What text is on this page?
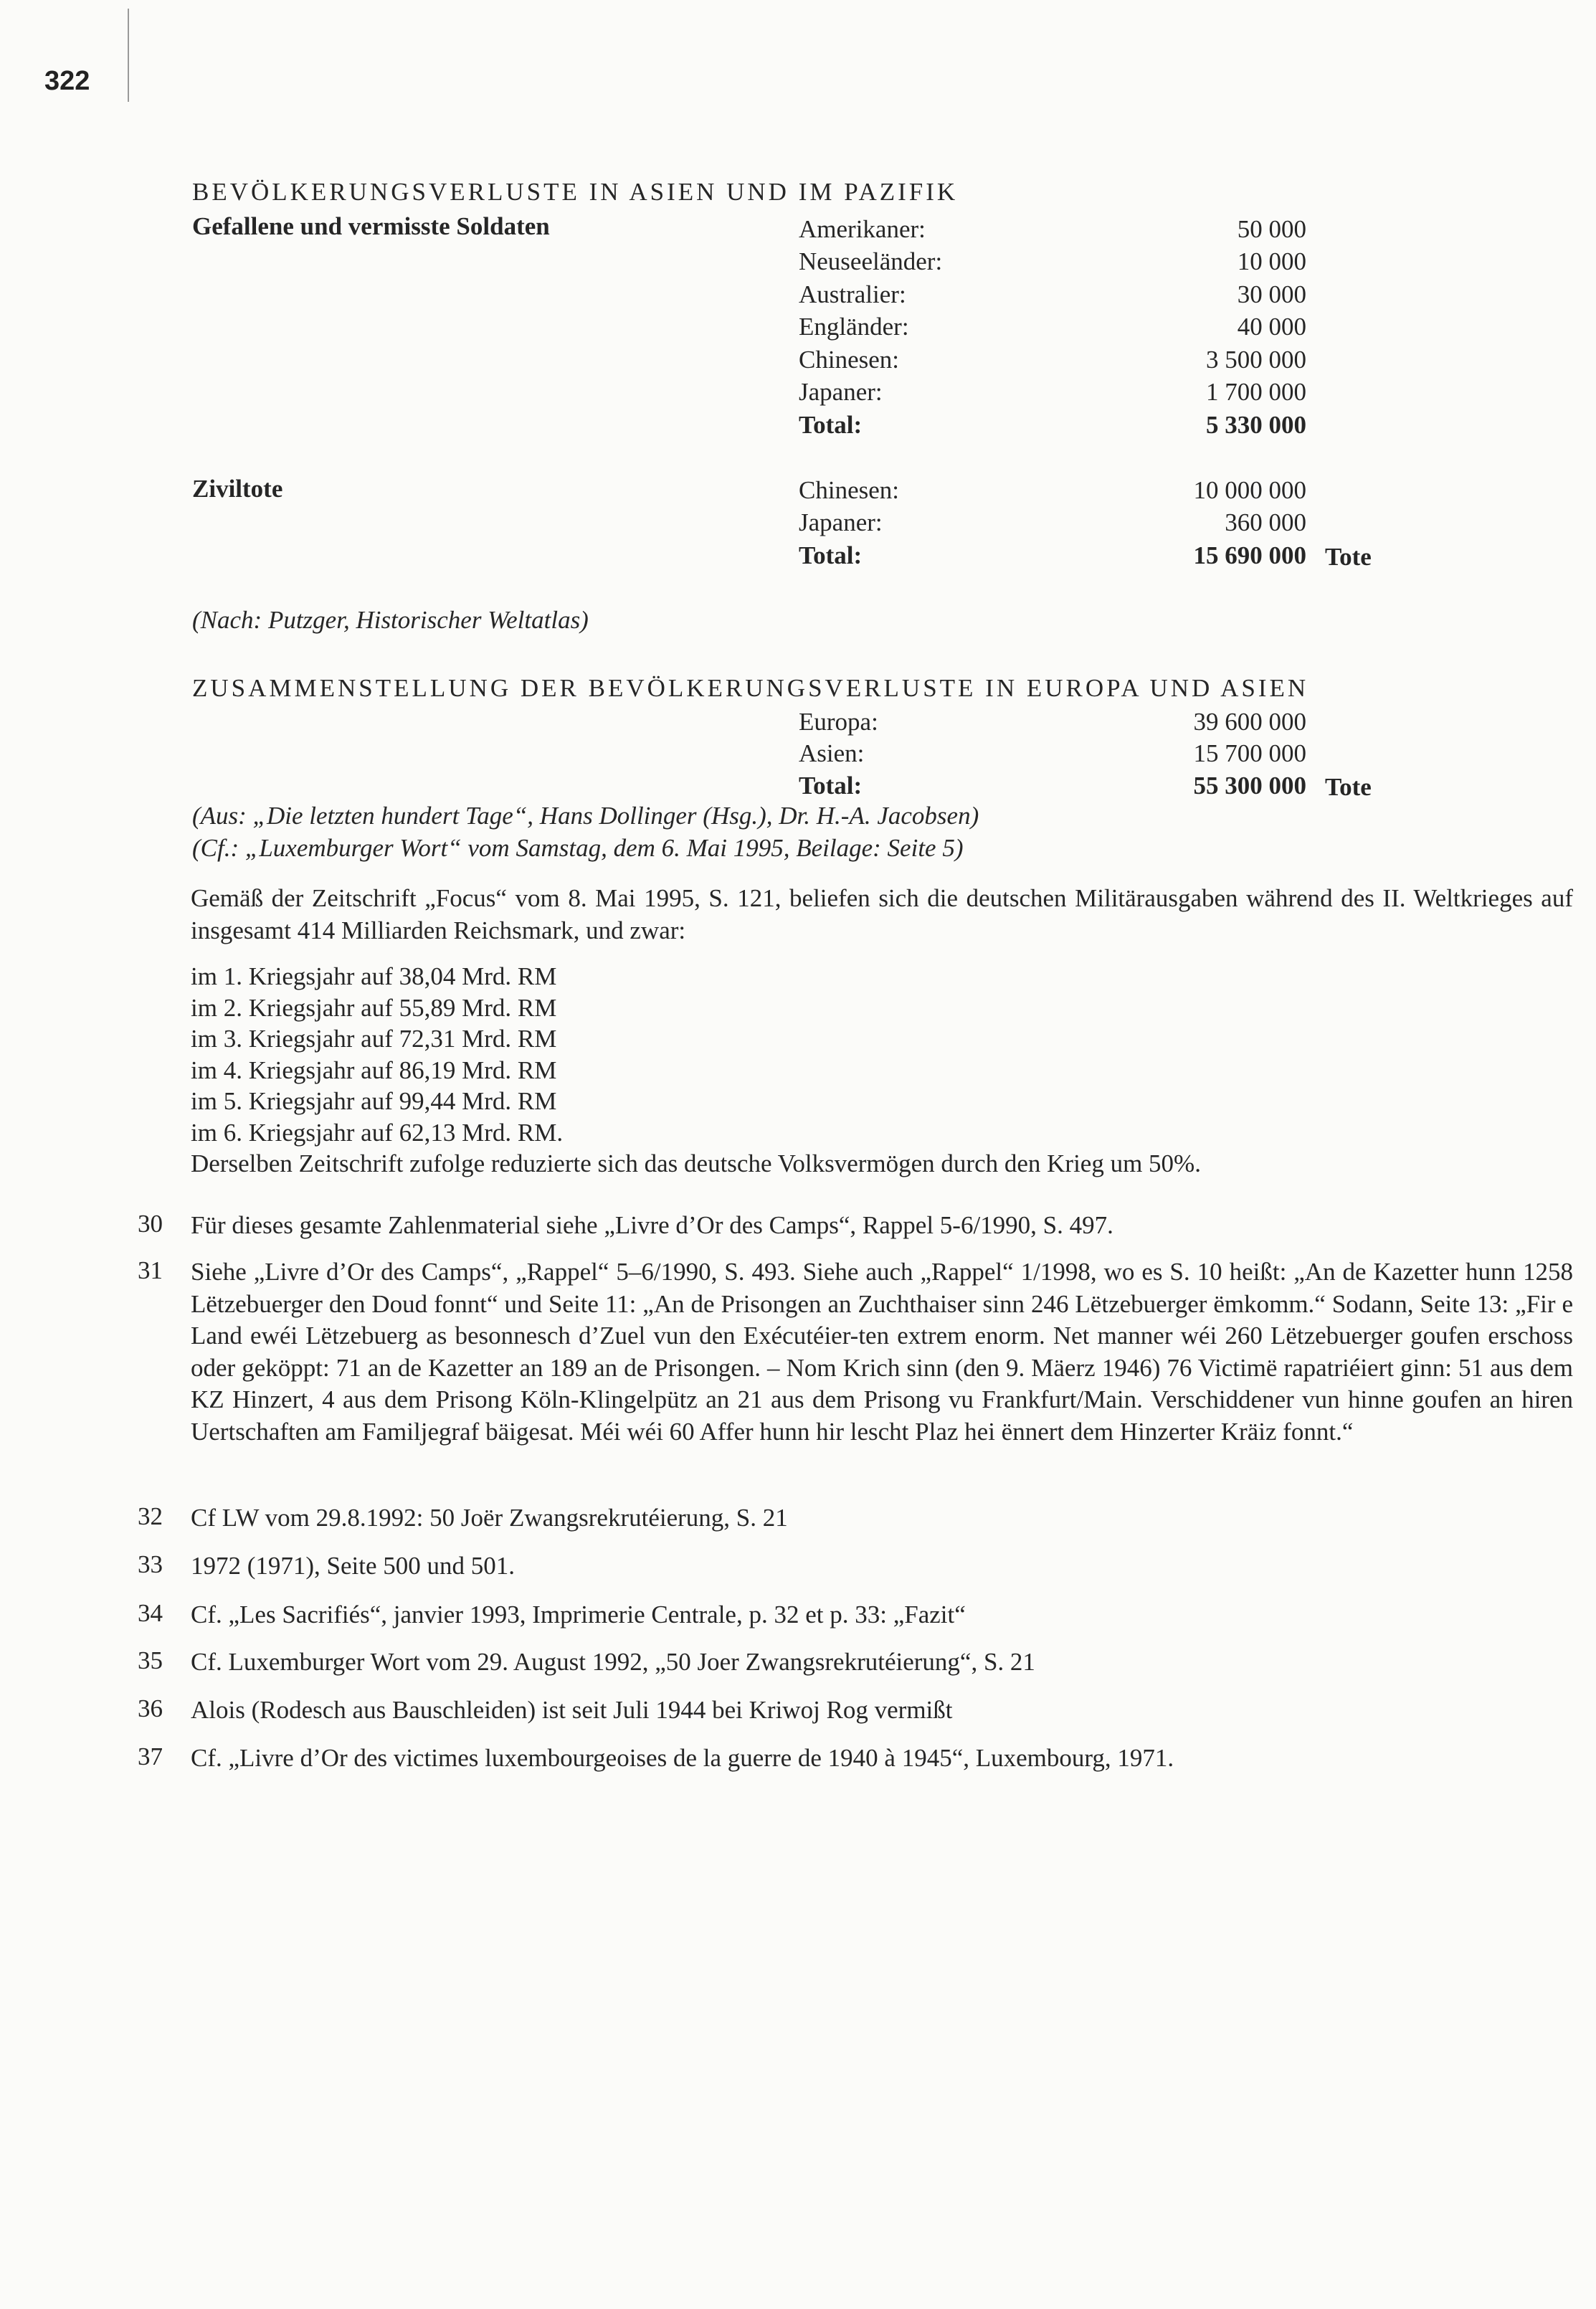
322
BEVÖLKERUNGSVERLUSTE IN ASIEN UND IM PAZIFIK
Gefallene und vermisste Soldaten	Amerikaner:	50 000
Neuseeländer:	10 000
Australier:	30 000
Engländer:	40 000
Chinesen:	3 500 000
Japaner:	1 700 000
Total:	5 330 000
Ziviltote	Chinesen:	10 000 000
Japaner:	360 000
Total:	15 690 000 Tote
(Nach: Putzger, Historischer Weltatlas)
ZUSAMMENSTELLUNG DER BEVÖLKERUNGSVERLUSTE IN EUROPA UND ASIEN
Europa:	39 600 000
Asien:	15 700 000
Total:	55 300 000 Tote
(Aus: „Die letzten hundert Tage“, Hans Dollinger (Hsg.), Dr. H.-A. Jacobsen)
(Cf.: „Luxemburger Wort“ vom Samstag, dem 6. Mai 1995, Beilage: Seite 5)
Gemäß der Zeitschrift „Focus“ vom 8. Mai 1995, S. 121, beliefen sich die deutschen Militärausgaben während des II. Weltkrieges auf insgesamt 414 Milliarden Reichsmark, und zwar:
im 1. Kriegsjahr auf 38,04 Mrd. RM
im 2. Kriegsjahr auf 55,89 Mrd. RM
im 3. Kriegsjahr auf 72,31 Mrd. RM
im 4. Kriegsjahr auf 86,19 Mrd. RM
im 5. Kriegsjahr auf 99,44 Mrd. RM
im 6. Kriegsjahr auf 62,13 Mrd. RM.
Derselben Zeitschrift zufolge reduzierte sich das deutsche Volksvermögen durch den Krieg um 50%.
30 Für dieses gesamte Zahlenmaterial siehe „Livre d’Or des Camps“, Rappel 5-6/1990, S. 497.
31 Siehe „Livre d’Or des Camps“, „Rappel“ 5–6/1990, S. 493. Siehe auch „Rappel“ 1/1998, wo es S. 10 heißt: „An de Kazetter hunn 1258 Lëtzebuerger den Doud fonnt“ und Seite 11: „An de Prisongen an Zuchthaiser sinn 246 Lëtzebuerger ëmkomm.“ Sodann, Seite 13: „Fir e Land ewéi Lëtzebuerg as besonnesch d’Zuel vun den Exécutéier-ten extrem enorm. Net manner wéi 260 Lëtzebuerger goufen erschoss oder geköppt: 71 an de Kazetter an 189 an de Prisongen. – Nom Krich sinn (den 9. Mäerz 1946) 76 Victimë rapatriéiert ginn: 51 aus dem KZ Hinzert, 4 aus dem Prisong Köln-Klingelpütz an 21 aus dem Prisong vu Frankfurt/Main. Verschiddener vun hinne goufen an hiren Uertschaften am Familjegraf bäigesat. Méi wéi 60 Affer hunn hir lescht Plaz hei ënnert dem Hinzerter Kräiz fonnt.“
32 Cf LW vom 29.8.1992: 50 Joër Zwangsrekrutéierung, S. 21
33 1972 (1971), Seite 500 und 501.
34 Cf. „Les Sacrifiés“, janvier 1993, Imprimerie Centrale, p. 32 et p. 33: „Fazit“
35 Cf. Luxemburger Wort vom 29. August 1992, „50 Joer Zwangsrekrutéierung“, S. 21
36 Alois (Rodesch aus Bauschleiden) ist seit Juli 1944 bei Kriwoj Rog vermißt
37 Cf. „Livre d’Or des victimes luxembourgeoises de la guerre de 1940 à 1945“, Luxembourg, 1971.
